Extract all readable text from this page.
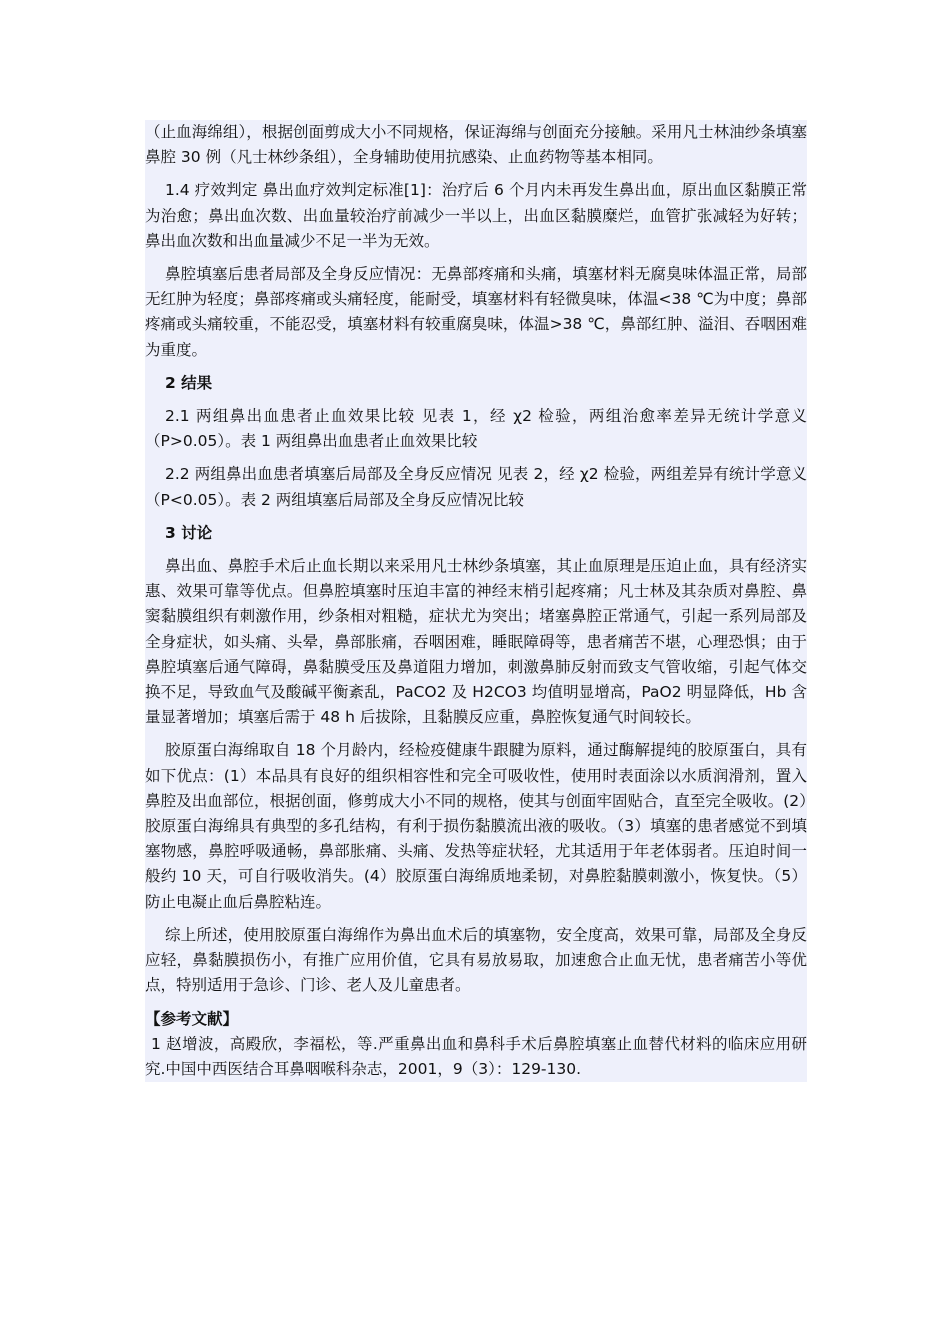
（止血海绵组），根据创面剪成大小不同规格，保证海绵与创面充分接触。采用凡士林油纱条填塞鼻腔 30 例（凡士林纱条组），全身辅助使用抗感染、止血药物等基本相同。

1.4 疗效判定 鼻出血疗效判定标准[1]：治疗后 6 个月内未再发生鼻出血，原出血区黏膜正常为治愈；鼻出血次数、出血量较治疗前减少一半以上，出血区黏膜糜烂，血管扩张减轻为好转；鼻出血次数和出血量减少不足一半为无效。

鼻腔填塞后患者局部及全身反应情况：无鼻部疼痛和头痛，填塞材料无腐臭味体温正常，局部无红肿为轻度；鼻部疼痛或头痛轻度，能耐受，填塞材料有轻微臭味，体温<38 ℃为中度；鼻部疼痛或头痛较重，不能忍受，填塞材料有较重腐臭味，体温>38 ℃，鼻部红肿、溢泪、吞咽困难为重度。

2 结果

2.1 两组鼻出血患者止血效果比较 见表 1，经 χ2 检验，两组治愈率差异无统计学意义（P>0.05）。表 1 两组鼻出血患者止血效果比较

2.2 两组鼻出血患者填塞后局部及全身反应情况 见表 2，经 χ2 检验，两组差异有统计学意义（P<0.05）。表 2 两组填塞后局部及全身反应情况比较

3 讨论

鼻出血、鼻腔手术后止血长期以来采用凡士林纱条填塞，其止血原理是压迫止血，具有经济实惠、效果可靠等优点。但鼻腔填塞时压迫丰富的神经末梢引起疼痛；凡士林及其杂质对鼻腔、鼻窦黏膜组织有刺激作用，纱条相对粗糙，症状尤为突出；堵塞鼻腔正常通气，引起一系列局部及全身症状，如头痛、头晕，鼻部胀痛，吞咽困难，睡眠障碍等，患者痛苦不堪，心理恐惧；由于鼻腔填塞后通气障碍，鼻黏膜受压及鼻道阻力增加，刺激鼻肺反射而致支气管收缩，引起气体交换不足，导致血气及酸碱平衡紊乱，PaCO2 及 H2CO3 均值明显增高，PaO2 明显降低，Hb 含量显著增加；填塞后需于 48 h 后拔除，且黏膜反应重，鼻腔恢复通气时间较长。

胶原蛋白海绵取自 18 个月龄内，经检疫健康牛跟腱为原料，通过酶解提纯的胶原蛋白，具有如下优点：(1）本品具有良好的组织相容性和完全可吸收性，使用时表面涂以水质润滑剂，置入鼻腔及出血部位，根据创面，修剪成大小不同的规格，使其与创面牢固贴合，直至完全吸收。(2）胶原蛋白海绵具有典型的多孔结构，有利于损伤黏膜流出液的吸收。（3）填塞的患者感觉不到填塞物感，鼻腔呼吸通畅，鼻部胀痛、头痛、发热等症状轻，尤其适用于年老体弱者。压迫时间一般约 10 天，可自行吸收消失。(4）胶原蛋白海绵质地柔韧，对鼻腔黏膜刺激小，恢复快。（5）防止电凝止血后鼻腔粘连。

综上所述，使用胶原蛋白海绵作为鼻出血术后的填塞物，安全度高，效果可靠，局部及全身反应轻，鼻黏膜损伤小，有推广应用价值，它具有易放易取，加速愈合止血无忧，患者痛苦小等优点，特别适用于急诊、门诊、老人及儿童患者。

【参考文献】

1 赵增波，高殿欣，李福松，等.严重鼻出血和鼻科手术后鼻腔填塞止血替代材料的临床应用研究.中国中西医结合耳鼻咽喉科杂志，2001，9（3）：129-130.
